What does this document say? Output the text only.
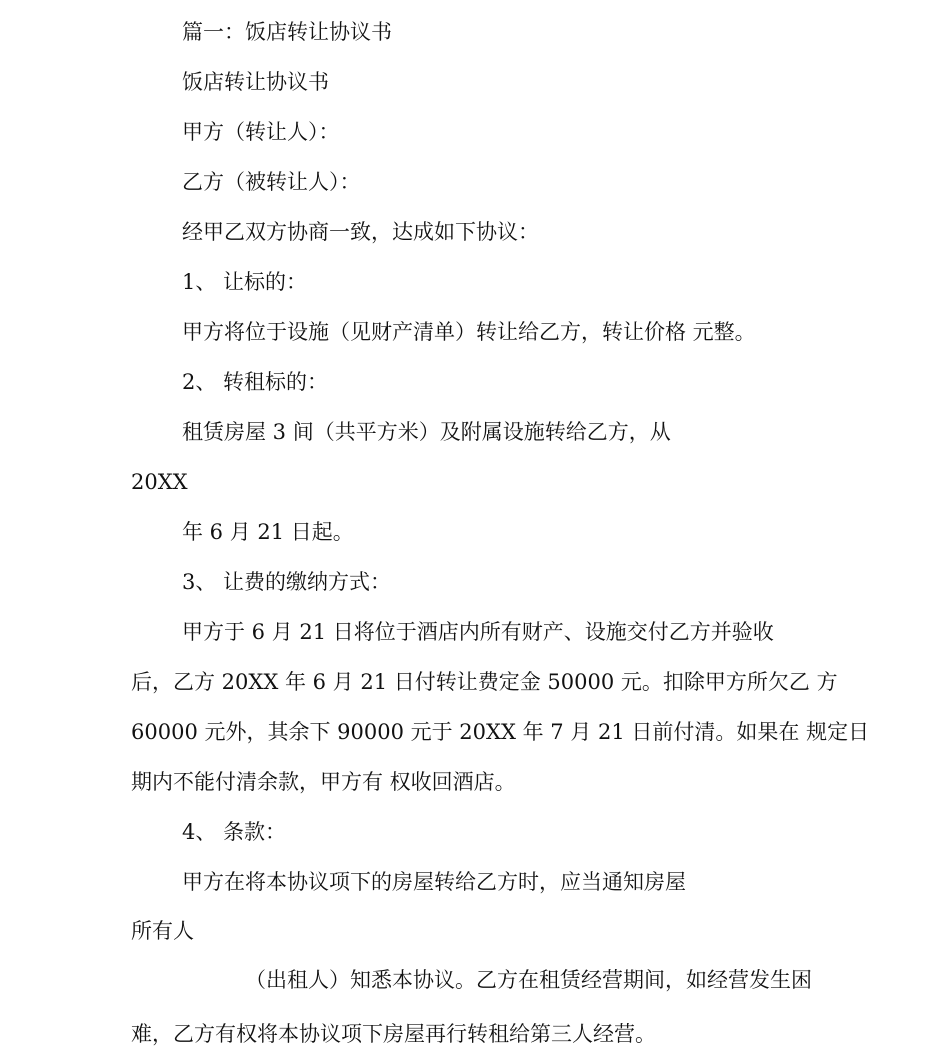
篇一：饭店转让协议书

饭店转让协议书

甲方（转让人）：

乙方（被转让人）：

经甲乙双方协商一致，达成如下协议：

1、 让标的：

甲方将位于设施（见财产清单）转让给乙方，转让价格 元整。

2、 转租标的：

租赁房屋 3 间（共平方米）及附属设施转给乙方，从

20XX

年 6 月 21 日起。

3、 让费的缴纳方式：

甲方于 6 月 21 日将位于酒店内所有财产、设施交付乙方并验收

后，乙方 20XX 年 6 月 21 日付转让费定金 50000 元。扣除甲方所欠乙 方

60000 元外，其余下 90000 元于 20XX 年 7 月 21 日前付清。如果在 规定日

期内不能付清余款，甲方有 权收回酒店。

4、 条款：

甲方在将本协议项下的房屋转给乙方时，应当通知房屋

所有人

（出租人）知悉本协议。乙方在租赁经营期间，如经营发生困

难，乙方有权将本协议项下房屋再行转租给第三人经营。
